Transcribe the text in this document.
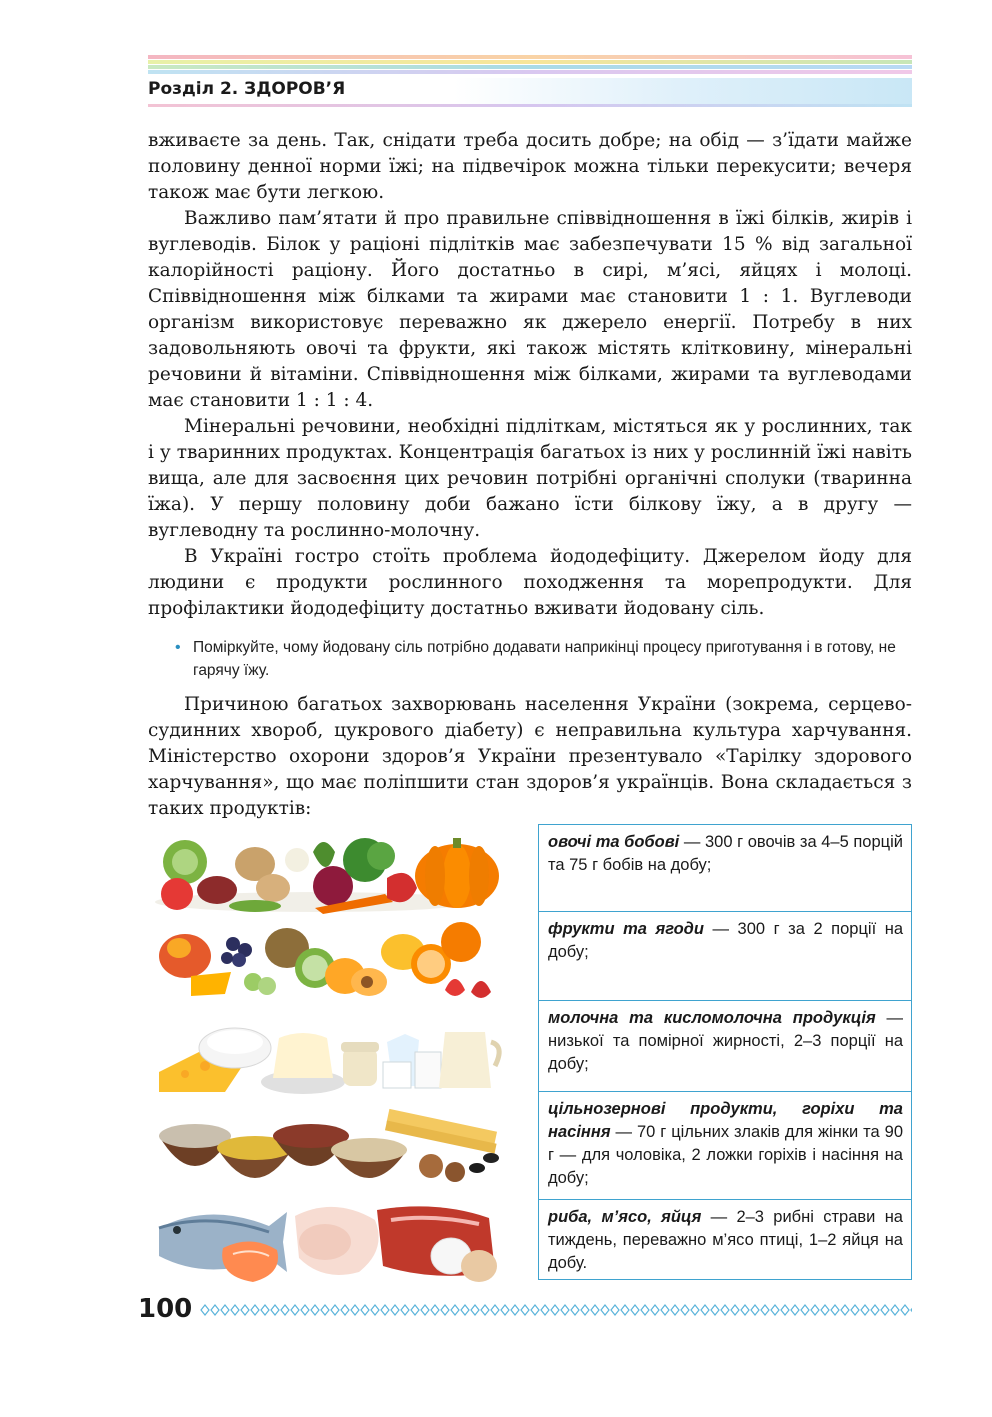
Розділ 2. ЗДОРОВ’Я

вживаєте за день. Так, снідати треба досить добре; на обід — з’їдати майже половину денної норми їжі; на підвечірок можна тільки перекусити; вечеря також має бути легкою.

Важливо пам’ятати й про правильне співвідношення в їжі білків, жирів і вуглеводів. Білок у раціоні підлітків має забезпечувати 15 % від загальної калорійності раціону. Його достатньо в сирі, м’ясі, яйцях і молоці. Співвідношення між білками та жирами має становити 1 : 1. Вуглеводи організм використовує переважно як джерело енергії. Потребу в них задовольняють овочі та фрукти, які також містять клітковину, мінеральні речовини й вітаміни. Співвідношення між білками, жирами та вуглеводами має становити 1 : 1 : 4.

Мінеральні речовини, необхідні підліткам, містяться як у рослинних, так і у тваринних продуктах. Концентрація багатьох із них у рослинній їжі навіть вища, але для засвоєння цих речовин потрібні органічні сполуки (тваринна їжа). У першу половину доби бажано їсти білкову їжу, а в другу — вуглеводну та рослинно-молочну.

В Україні гостро стоїть проблема йододефіциту. Джерелом йоду для людини є продукти рослинного походження та морепродукти. Для профілактики йододефіциту достатньо вживати йодовану сіль.

• Поміркуйте, чому йодовану сіль потрібно додавати наприкінці процесу приготування і в готову, не гарячу їжу.

Причиною багатьох захворювань населення України (зокрема, серцево-судинних хвороб, цукрового діабету) є неправильна культура харчування. Міністерство охорони здоров’я України презентувало «Тарілку здорового харчування», що має поліпшити стан здоров’я українців. Вона складається з таких продуктів:

овочі та бобові — 300 г овочів за 4–5 порцій та 75 г бобів на добу;
фрукти та ягоди — 300 г за 2 порції на добу;
молочна та кисломолочна продукція — низької та помірної жирності, 2–3 порції на добу;
цільнозернові продукти, горіхи та насіння — 70 г цільних злаків для жінки та 90 г — для чоловіка, 2 ложки горіхів і насіння на добу;
риба, м’ясо, яйця — 2–3 рибні страви на тиждень, переважно м’ясо птиці, 1–2 яйця на добу.
100
